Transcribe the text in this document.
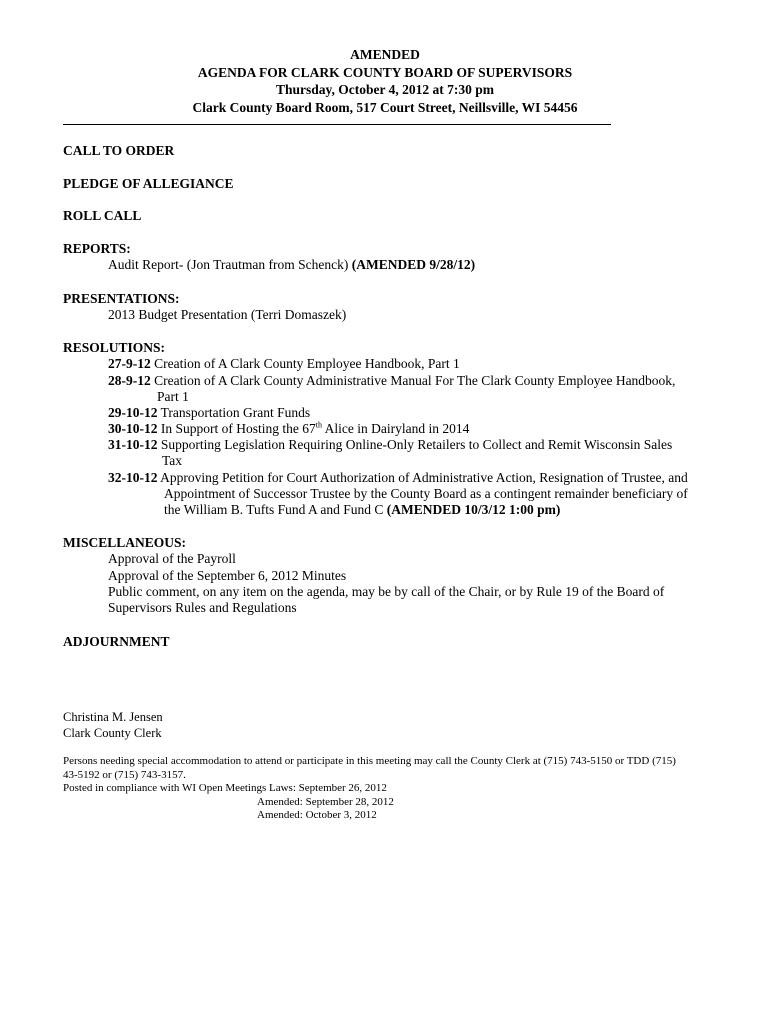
AMENDED
AGENDA FOR CLARK COUNTY BOARD OF SUPERVISORS
Thursday, October 4, 2012 at 7:30 pm
Clark County Board Room, 517 Court Street, Neillsville, WI 54456
CALL TO ORDER
PLEDGE OF ALLEGIANCE
ROLL CALL
REPORTS:
Audit Report- (Jon Trautman from Schenck) (AMENDED 9/28/12)
PRESENTATIONS:
2013 Budget Presentation (Terri Domaszek)
RESOLUTIONS:
27-9-12 Creation of A Clark County Employee Handbook, Part 1
28-9-12 Creation of A Clark County Administrative Manual For The Clark County Employee Handbook,
Part 1
29-10-12 Transportation Grant Funds
30-10-12 In Support of Hosting the 67th Alice in Dairyland in 2014
31-10-12 Supporting Legislation Requiring Online-Only Retailers to Collect and Remit Wisconsin Sales
Tax
32-10-12 Approving Petition for Court Authorization of Administrative Action, Resignation of Trustee, and
Appointment of Successor Trustee by the County Board as a contingent remainder beneficiary of
the William B. Tufts Fund A and Fund C (AMENDED 10/3/12 1:00 pm)
MISCELLANEOUS:
Approval of the Payroll
Approval of the September 6, 2012 Minutes
Public comment, on any item on the agenda, may be by call of the Chair, or by Rule 19 of the Board of
Supervisors Rules and Regulations
ADJOURNMENT
Christina M. Jensen
Clark County Clerk
Persons needing special accommodation to attend or participate in this meeting may call the County Clerk at (715) 743-5150 or TDD (715)
43-5192 or (715) 743-3157.
Posted in compliance with WI Open Meetings Laws: September 26, 2012
Amended: September 28, 2012
Amended: October 3, 2012
